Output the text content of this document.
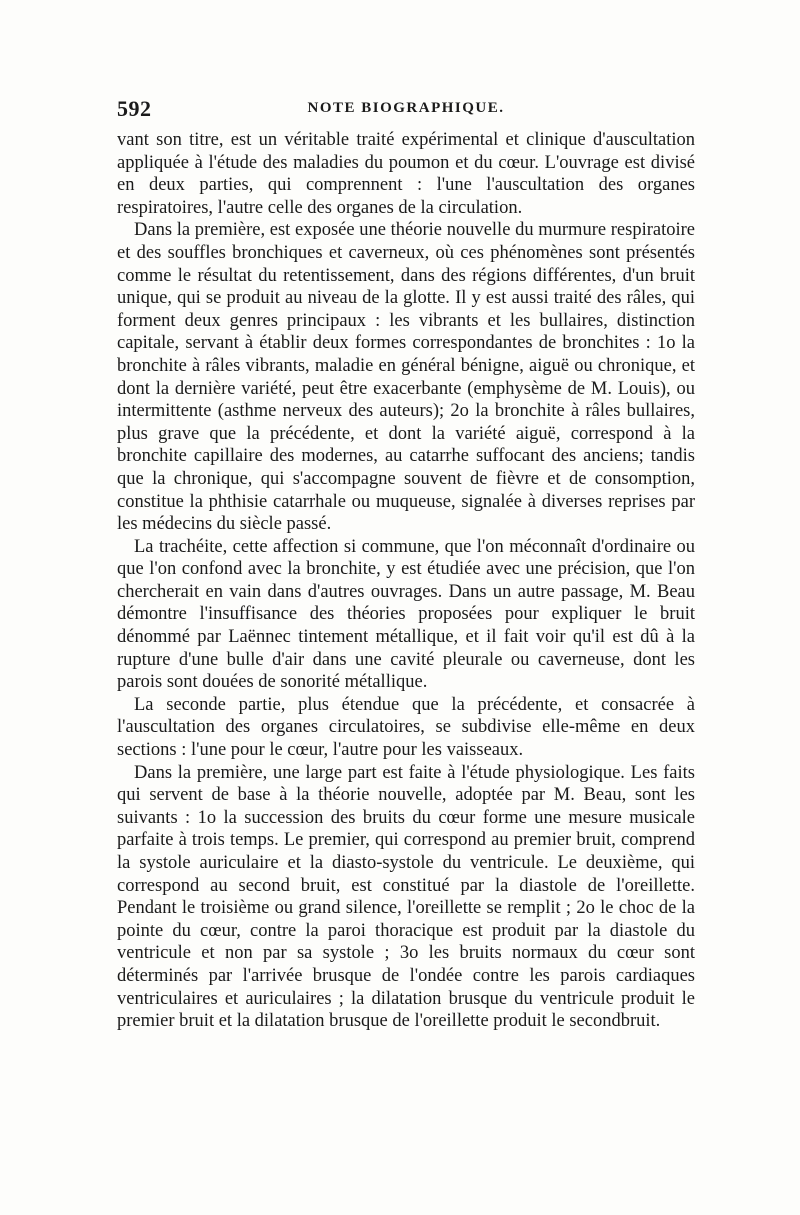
592	NOTE BIOGRAPHIQUE.

vant son titre, est un véritable traité expérimental et clinique d'auscultation appliquée à l'étude des maladies du poumon et du cœur. L'ouvrage est divisé en deux parties, qui comprennent : l'une l'auscultation des organes respiratoires, l'autre celle des organes de la circulation.

Dans la première, est exposée une théorie nouvelle du murmure respiratoire et des souffles bronchiques et caverneux, où ces phénomènes sont présentés comme le résultat du retentissement, dans des régions différentes, d'un bruit unique, qui se produit au niveau de la glotte. Il y est aussi traité des râles, qui forment deux genres principaux : les vibrants et les bullaires, distinction capitale, servant à établir deux formes correspondantes de bronchites : 1o la bronchite à râles vibrants, maladie en général bénigne, aiguë ou chronique, et dont la dernière variété, peut être exacerbante (emphysème de M. Louis), ou intermittente (asthme nerveux des auteurs); 2o la bronchite à râles bullaires, plus grave que la précédente, et dont la variété aiguë, correspond à la bronchite capillaire des modernes, au catarrhe suffocant des anciens; tandis que la chronique, qui s'accompagne souvent de fièvre et de consomption, constitue la phthisie catarrhale ou muqueuse, signalée à diverses reprises par les médecins du siècle passé.

La trachéite, cette affection si commune, que l'on méconnaît d'ordinaire ou que l'on confond avec la bronchite, y est étudiée avec une précision, que l'on chercherait en vain dans d'autres ouvrages. Dans un autre passage, M. Beau démontre l'insuffisance des théories proposées pour expliquer le bruit dénommé par Laënnec tintement métallique, et il fait voir qu'il est dû à la rupture d'une bulle d'air dans une cavité pleurale ou caverneuse, dont les parois sont douées de sonorité métallique.

La seconde partie, plus étendue que la précédente, et consacrée à l'auscultation des organes circulatoires, se subdivise elle-même en deux sections : l'une pour le cœur, l'autre pour les vaisseaux.

Dans la première, une large part est faite à l'étude physiologique. Les faits qui servent de base à la théorie nouvelle, adoptée par M. Beau, sont les suivants : 1o la succession des bruits du cœur forme une mesure musicale parfaite à trois temps. Le premier, qui correspond au premier bruit, comprend la systole auriculaire et la diasto-systole du ventricule. Le deuxième, qui correspond au second bruit, est constitué par la diastole de l'oreillette. Pendant le troisième ou grand silence, l'oreillette se remplit ; 2o le choc de la pointe du cœur, contre la paroi thoracique est produit par la diastole du ventricule et non par sa systole ; 3o les bruits normaux du cœur sont déterminés par l'arrivée brusque de l'ondée contre les parois cardiaques ventriculaires et auriculaires ; la dilatation brusque du ventricule produit le premier bruit et la dilatation brusque de l'oreillette produit le secondbruit.
